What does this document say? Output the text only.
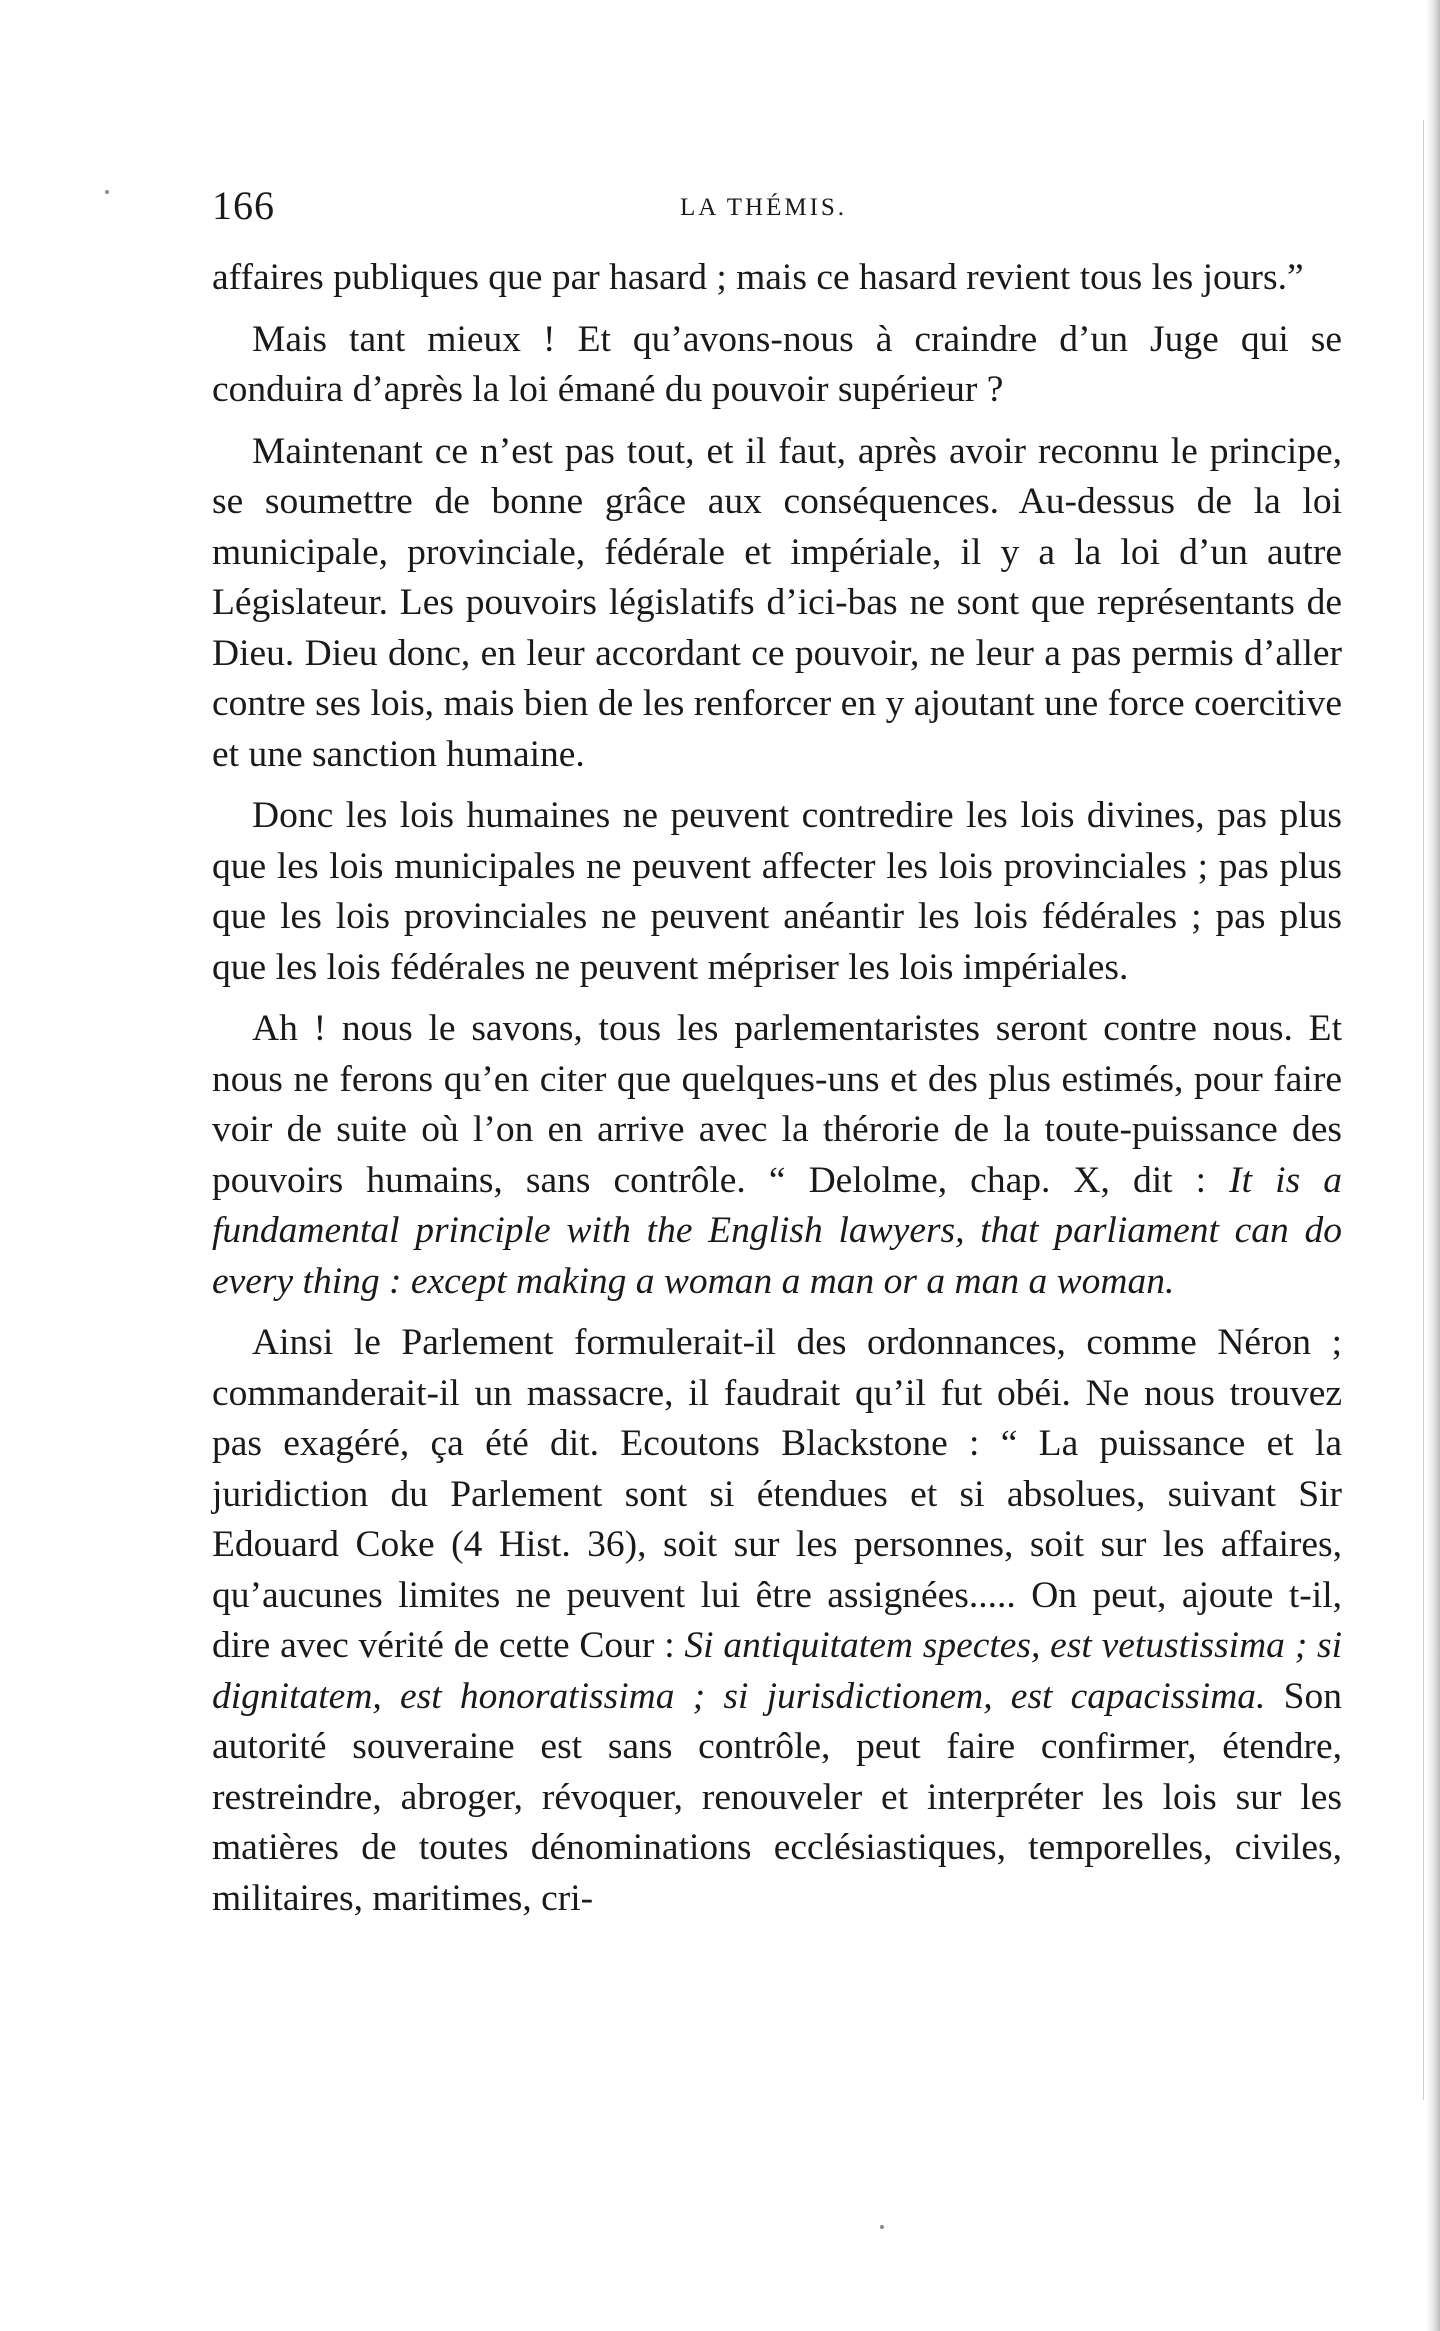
166	LA THÉMIS.

affaires publiques que par hasard ; mais ce hasard revient tous les jours.”

Mais tant mieux ! Et qu’avons-nous à craindre d’un Juge qui se conduira d’après la loi émané du pouvoir supérieur ?

Maintenant ce n’est pas tout, et il faut, après avoir reconnu le principe, se soumettre de bonne grâce aux conséquences. Au-dessus de la loi municipale, provinciale, fédérale et impériale, il y a la loi d’un autre Législateur. Les pouvoirs législatifs d’ici-bas ne sont que représentants de Dieu. Dieu donc, en leur accordant ce pouvoir, ne leur a pas permis d’aller contre ses lois, mais bien de les renforcer en y ajoutant une force coercitive et une sanction humaine.

Donc les lois humaines ne peuvent contredire les lois divines, pas plus que les lois municipales ne peuvent affecter les lois provinciales ; pas plus que les lois provinciales ne peuvent anéantir les lois fédérales ; pas plus que les lois fédérales ne peuvent mépriser les lois impériales.

Ah ! nous le savons, tous les parlementaristes seront contre nous. Et nous ne ferons qu’en citer que quelques-uns et des plus estimés, pour faire voir de suite où l’on en arrive avec la thérorie de la toute-puissance des pouvoirs humains, sans contrôle. “ Delolme, chap. X, dit : It is a fundamental principle with the English lawyers, that parliament can do every thing : except making a woman a man or a man a woman.

Ainsi le Parlement formulerait-il des ordonnances, comme Néron ; commanderait-il un massacre, il faudrait qu’il fut obéi. Ne nous trouvez pas exagéré, ça été dit. Ecoutons Blackstone : “ La puissance et la juridiction du Parlement sont si étendues et si absolues, suivant Sir Edouard Coke (4 Hist. 36), soit sur les personnes, soit sur les affaires, qu’aucunes limites ne peuvent lui être assignées..... On peut, ajoute t-il, dire avec vérité de cette Cour : Si antiquitatem spectes, est vetustissima ; si dignitatem, est honoratissima ; si jurisdictionem, est capacissima. Son autorité souveraine est sans contrôle, peut faire confirmer, étendre, restreindre, abroger, révoquer, renouveler et interpréter les lois sur les matières de toutes dénominations ecclésiastiques, temporelles, civiles, militaires, maritimes, cri-
